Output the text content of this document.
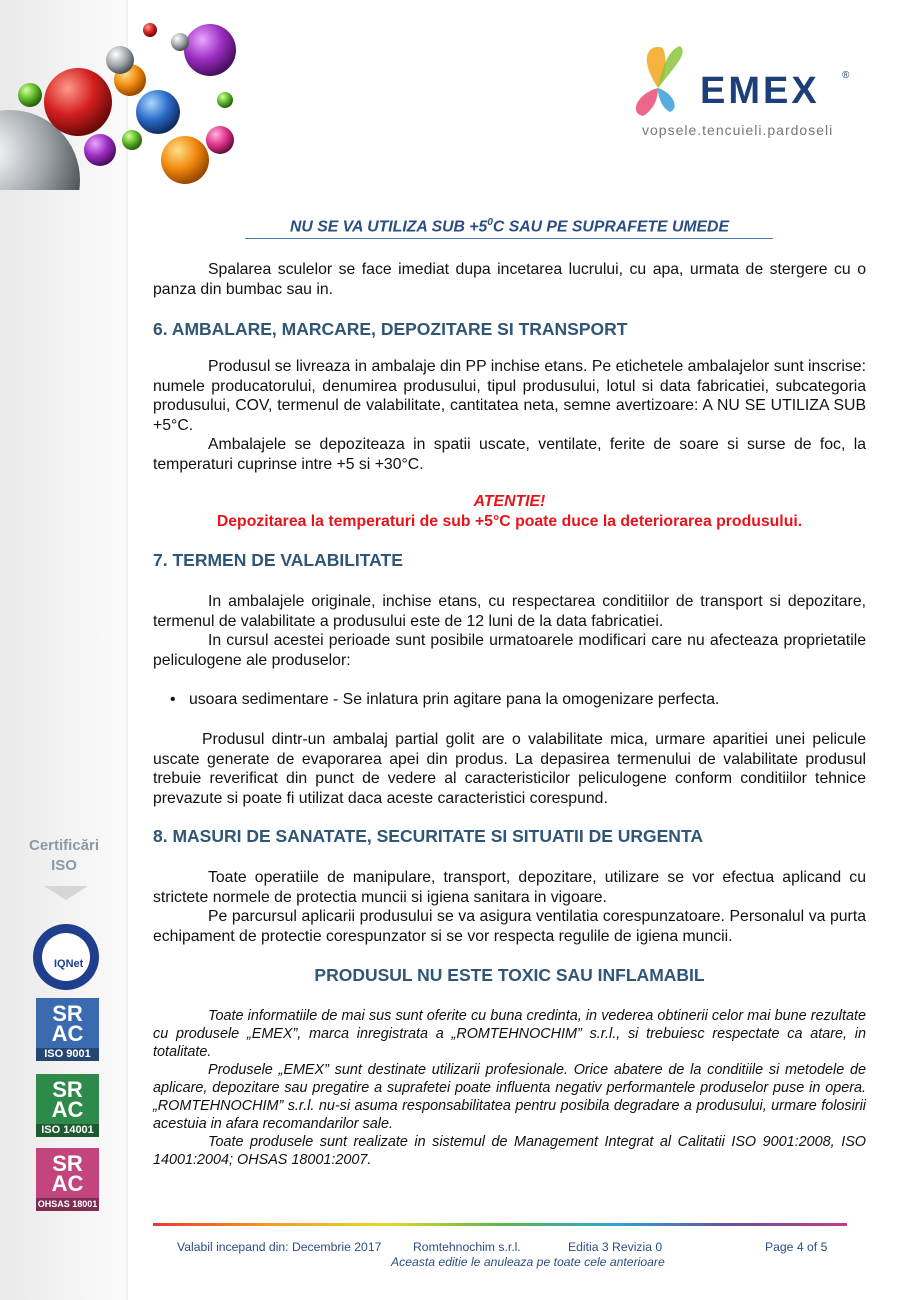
EMEX ®
vopsele.tencuieli.pardoseli
NU SE VA UTILIZA SUB $+5^0C$ SAU PE SUPRAFETE UMEDE
Spalarea sculelor se face imediat dupa incetarea lucrului, cu apa, urmata de stergere cu o panza din bumbac sau in.
6. AMBALARE, MARCARE, DEPOZITARE SI TRANSPORT
Produsul se livreaza in ambalaje din PP inchise etans. Pe etichetele ambalajelor sunt inscrise: numele producatorului, denumirea produsului, tipul produsului, lotul si data fabricatiei, subcategoria produsului, COV, termenul de valabilitate, cantitatea neta, semne avertizoare: A NU SE UTILIZA SUB +5°C.
Ambalajele se depoziteaza in spatii uscate, ventilate, ferite de soare si surse de foc, la temperaturi cuprinse intre +5 si +30°C.
ATENTIE!
Depozitarea la temperaturi de sub +5°C poate duce la deteriorarea produsului.
7. TERMEN DE VALABILITATE
In ambalajele originale, inchise etans, cu respectarea conditiilor de transport si depozitare, termenul de valabilitate a produsului este de 12 luni de la data fabricatiei.
In cursul acestei perioade sunt posibile urmatoarele modificari care nu afecteaza proprietatile peliculogene ale produselor:
• usoara sedimentare - Se inlatura prin agitare pana la omogenizare perfecta.
Produsul dintr-un ambalaj partial golit are o valabilitate mica, urmare aparitiei unei pelicule uscate generate de evaporarea apei din produs. La depasirea termenului de valabilitate produsul trebuie reverificat din punct de vedere al caracteristicilor peliculogene conform conditiilor tehnice prevazute si poate fi utilizat daca aceste caracteristici corespund.
8. MASURI DE SANATATE, SECURITATE SI SITUATII DE URGENTA
Toate operatiile de manipulare, transport, depozitare, utilizare se vor efectua aplicand cu strictete normele de protectia muncii si igiena sanitara in vigoare.
Pe parcursul aplicarii produsului se va asigura ventilatia corespunzatoare. Personalul va purta echipament de protectie corespunzator si se vor respecta regulile de igiena muncii.
PRODUSUL NU ESTE TOXIC SAU INFLAMABIL
Toate informatiile de mai sus sunt oferite cu buna credinta, in vederea obtinerii celor mai bune rezultate cu produsele „EMEX”, marca inregistrata a „ROMTEHNOCHIM” s.r.l., si trebuiesc respectate ca atare, in totalitate.
Produsele „EMEX” sunt destinate utilizarii profesionale. Orice abatere de la conditiile si metodele de aplicare, depozitare sau pregatire a suprafetei poate influenta negativ performantele produselor puse in opera. „ROMTEHNOCHIM” s.r.l. nu-si asuma responsabilitatea pentru posibila degradare a produsului, urmare folosirii acestuia in afara recomandarilor sale.
Toate produsele sunt realizate in sistemul de Management Integrat al Calitatii ISO 9001:2008, ISO 14001:2004; OHSAS 18001:2007.
Certificări
ISO
IQNet
SR AC
ISO 9001
SR AC
ISO 14001
SR AC
OHSAS 18001
Valabil incepand din: Decembrie 2017	Romtehnochim s.r.l.	Editia 3 Revizia 0	Page 4 of 5
Aceasta editie le anuleaza pe toate cele anterioare
